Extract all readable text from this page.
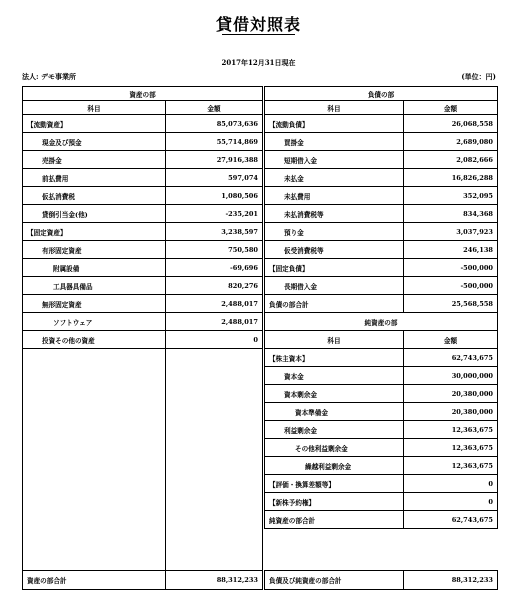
貸借対照表
2017年12月31日現在
法人: デモ事業所	(単位：円)
資産の部	
科目	金額
【流動資産】	85,073,636
現金及び預金	55,714,869
売掛金	27,916,388
前払費用	597,074
仮払消費税	1,080,506
貸倒引当金(他)	-235,201
【固定資産】	3,238,597
有形固定資産	750,580
附属設備	-69,696
工具器具備品	820,276
無形固定資産	2,488,017
ソフトウェア	2,488,017
投資その他の資産	0

負債の部	
科目	金額
【流動負債】	26,068,558
買掛金	2,689,080
短期借入金	2,082,666
未払金	16,826,288
未払費用	352,095
未払消費税等	834,368
預り金	3,037,923
仮受消費税等	246,138
【固定負債】	-500,000
長期借入金	-500,000
負債の部合計	25,568,558
純資産の部	
科目	金額
【株主資本】	62,743,675
資本金	30,000,000
資本剰余金	20,380,000
資本準備金	20,380,000
利益剰余金	12,363,675
その他利益剰余金	12,363,675
繰越利益剰余金	12,363,675
【評価・換算差額等】	0
【新株予約権】	0
純資産の部合計	62,743,675
資産の部合計	88,312,233 負債及び純資産の部合計	88,312,233
